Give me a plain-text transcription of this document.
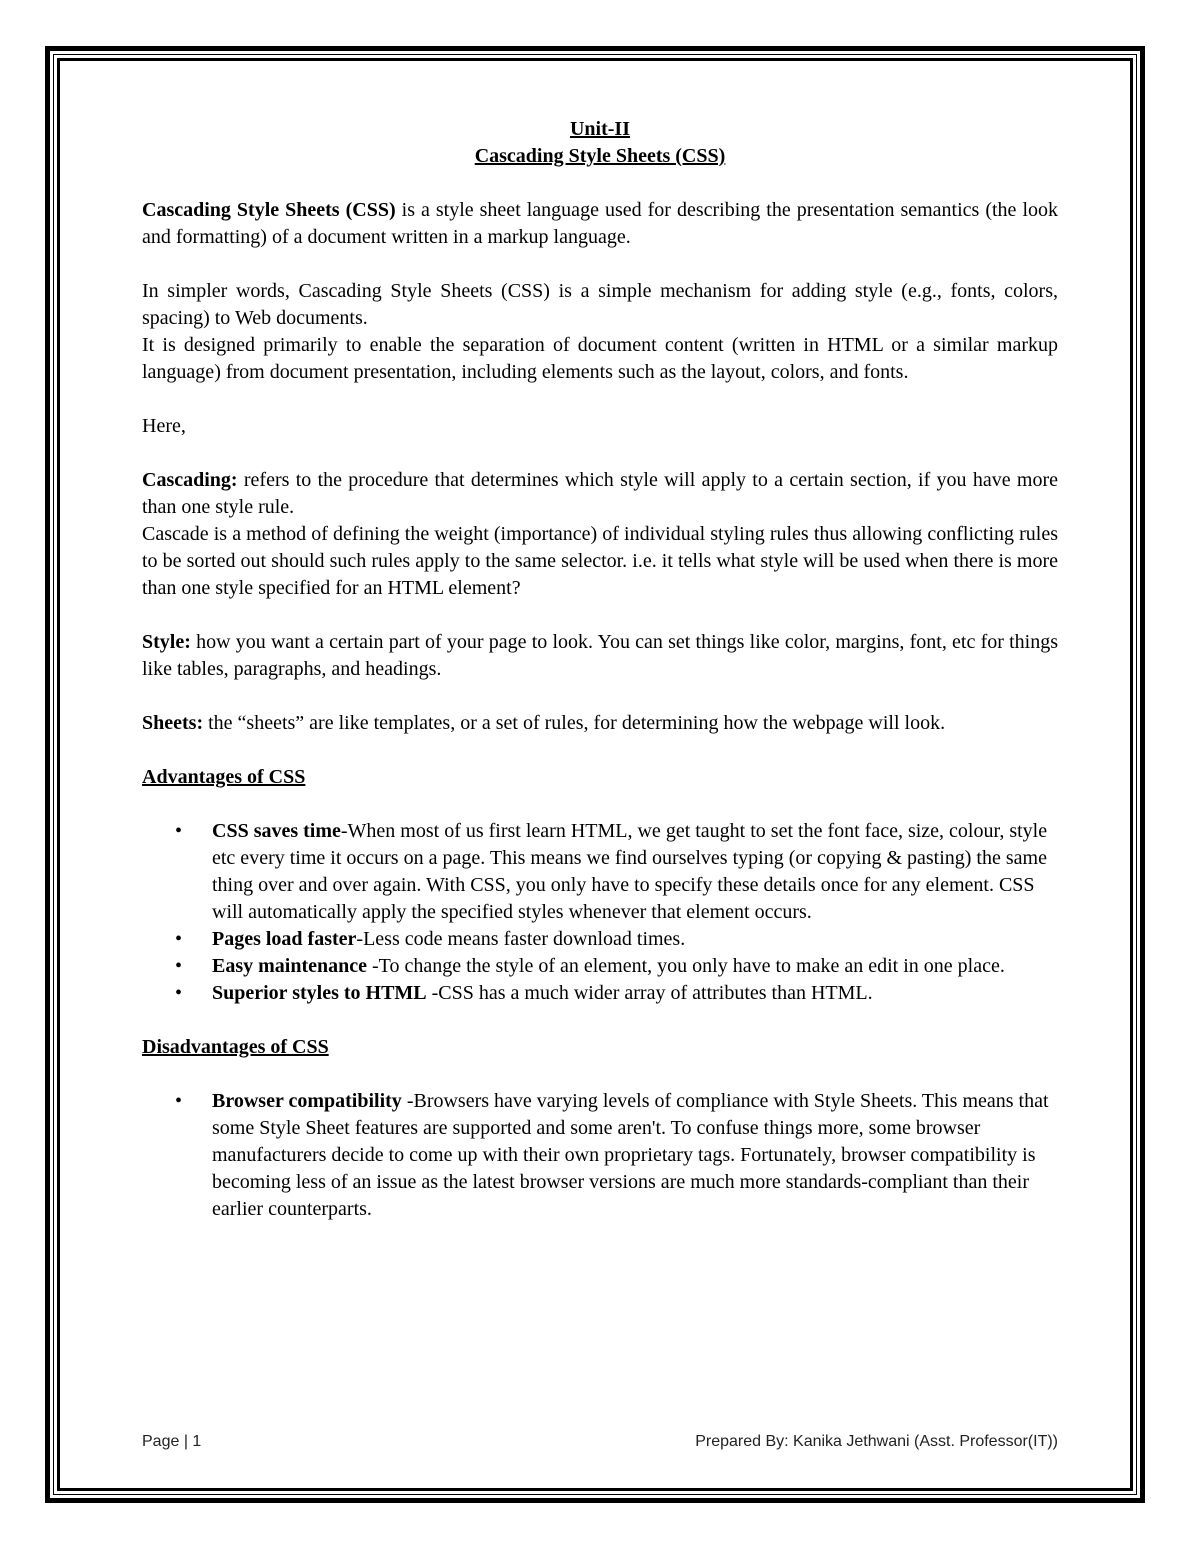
Unit-II
Cascading Style Sheets (CSS)

Cascading Style Sheets (CSS) is a style sheet language used for describing the presentation semantics (the look and formatting) of a document written in a markup language.

In simpler words, Cascading Style Sheets (CSS) is a simple mechanism for adding style (e.g., fonts, colors, spacing) to Web documents.

It is designed primarily to enable the separation of document content (written in HTML or a similar markup language) from document presentation, including elements such as the layout, colors, and fonts.

Here,

Cascading: refers to the procedure that determines which style will apply to a certain section, if you have more than one style rule.

Cascade is a method of defining the weight (importance) of individual styling rules thus allowing conflicting rules to be sorted out should such rules apply to the same selector. i.e. it tells what style will be used when there is more than one style specified for an HTML element?

Style: how you want a certain part of your page to look. You can set things like color, margins, font, etc for things like tables, paragraphs, and headings.

Sheets: the “sheets” are like templates, or a set of rules, for determining how the webpage will look.

Advantages of CSS
• CSS saves time-When most of us first learn HTML, we get taught to set the font face, size, colour, style etc every time it occurs on a page. This means we find ourselves typing (or copying & pasting) the same thing over and over again. With CSS, you only have to specify these details once for any element. CSS will automatically apply the specified styles whenever that element occurs.
• Pages load faster-Less code means faster download times.
• Easy maintenance -To change the style of an element, you only have to make an edit in one place.
• Superior styles to HTML -CSS has a much wider array of attributes than HTML.
Disadvantages of CSS
• Browser compatibility -Browsers have varying levels of compliance with Style Sheets. This means that some Style Sheet features are supported and some aren't. To confuse things more, some browser manufacturers decide to come up with their own proprietary tags. Fortunately, browser compatibility is becoming less of an issue as the latest browser versions are much more standards-compliant than their earlier counterparts.
Page | 1	Prepared By: Kanika Jethwani (Asst. Professor(IT))
